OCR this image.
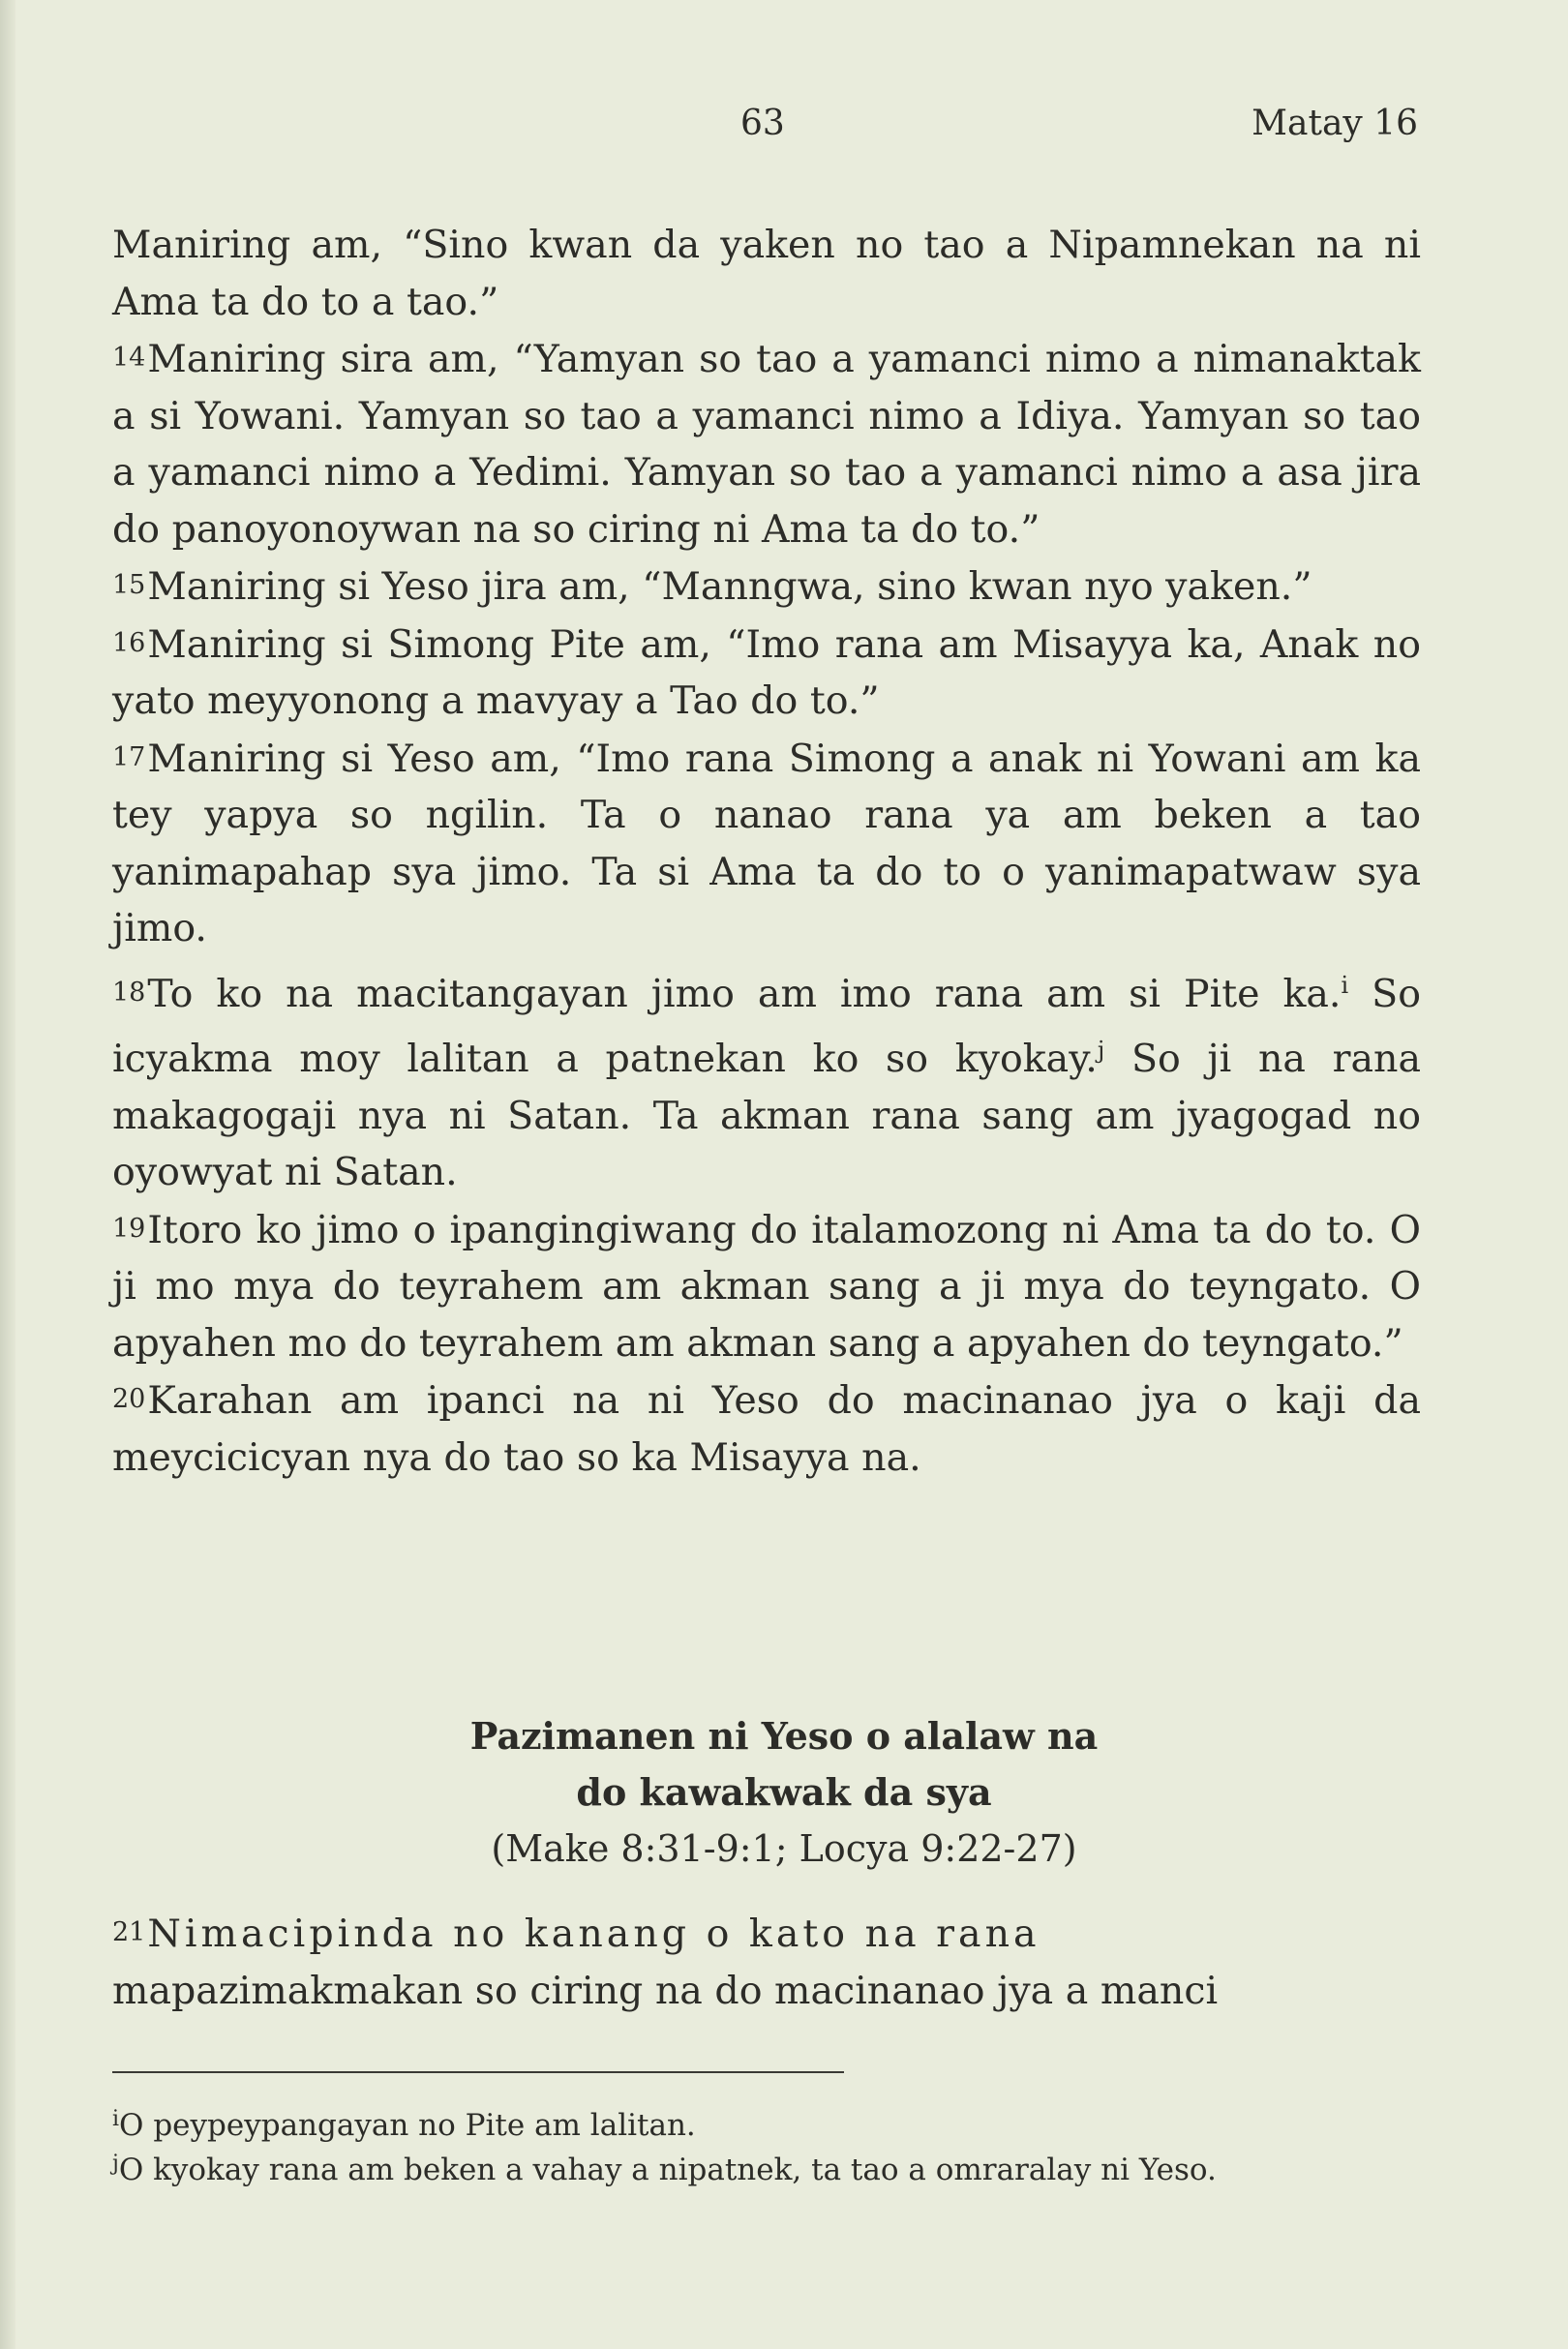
63	Matay 16

Maniring am, “Sino kwan da yaken no tao a Nipamnekan na ni Ama ta do to a tao.”

14Maniring sira am, “Yamyan so tao a yamanci nimo a nimanaktak a si Yowani. Yamyan so tao a yamanci nimo a Idiya. Yamyan so tao a yamanci nimo a Yedimi. Yamyan so tao a yamanci nimo a asa jira do panoyonoywan na so ciring ni Ama ta do to.”

15Maniring si Yeso jira am, “Manngwa, sino kwan nyo yaken.”

16Maniring si Simong Pite am, “Imo rana am Misayya ka, Anak no yato meyyonong a mavyay a Tao do to.”

17Maniring si Yeso am, “Imo rana Simong a anak ni Yowani am ka tey yapya so ngilin. Ta o nanao rana ya am beken a tao yanimapahap sya jimo. Ta si Ama ta do to o yanimapatwaw sya jimo.

18To ko na macitangayan jimo am imo rana am si Pite ka.$^i$ So icyakma moy lalitan a patnekan ko so kyokay.$^j$ So ji na rana makagogaji nya ni Satan. Ta akman rana sang am jyagogad no oyowyat ni Satan.

19Itoro ko jimo o ipangingiwang do italamozong ni Ama ta do to. O ji mo mya do teyrahem am akman sang a ji mya do teyngato. O apyahen mo do teyrahem am akman sang a apyahen do teyngato.”

20Karahan am ipanci na ni Yeso do macinanao jya o kaji da meycicicyan nya do tao so ka Misayya na.

Pazimanen ni Yeso o alalaw na

do kawakwak da sya

(Make 8:31-9:1; Locya 9:22-27)

21Nimacipinda no kanang o kato na rana
mapazimakmakan so ciring na do macinanao jya a manci

$^i$O peypeypangayan no Pite am lalitan.

$^j$O kyokay rana am beken a vahay a nipatnek, ta tao a omraralay ni Yeso.
